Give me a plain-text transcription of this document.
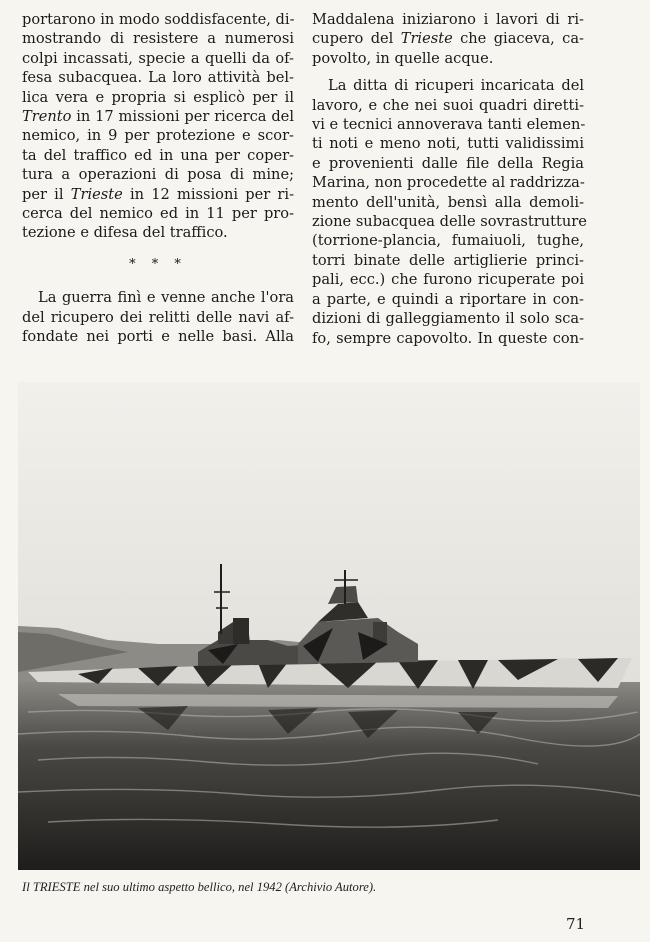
portarono in modo soddisfacente, di-
mostrando di resistere a numerosi
colpi incassati, specie a quelli da of-
fesa subacquea. La loro attività bel-
lica vera e propria si esplicò per il
Trento in 17 missioni per ricerca del
nemico, in 9 per protezione e scor-
ta del traffico ed in una per coper-
tura a operazioni di posa di mine;
per il Trieste in 12 missioni per ri-
cerca del nemico ed in 11 per pro-
tezione e difesa del traffico.

* * *

La guerra finì e venne anche l'ora
del ricupero dei relitti delle navi af-
fondate nei porti e nelle basi. Alla

Maddalena iniziarono i lavori di ri-
cupero del Trieste che giaceva, ca-
povolto, in quelle acque.

La ditta di ricuperi incaricata del
lavoro, e che nei suoi quadri diretti-
vi e tecnici annoverava tanti elemen-
ti noti e meno noti, tutti validissimi
e provenienti dalle file della Regia
Marina, non procedette al raddrizza-
mento dell'unità, bensì alla demoli-
zione subacquea delle sovrastrutture
(torrione-plancia, fumaiuoli, tughe,
torri binate delle artiglierie princi-
pali, ecc.) che furono ricuperate poi
a parte, e quindi a riportare in con-
dizioni di galleggiamento il solo sca-
fo, sempre capovolto. In queste con-

Il TRIESTE nel suo ultimo aspetto bellico, nel 1942 (Archivio Autore).
71
